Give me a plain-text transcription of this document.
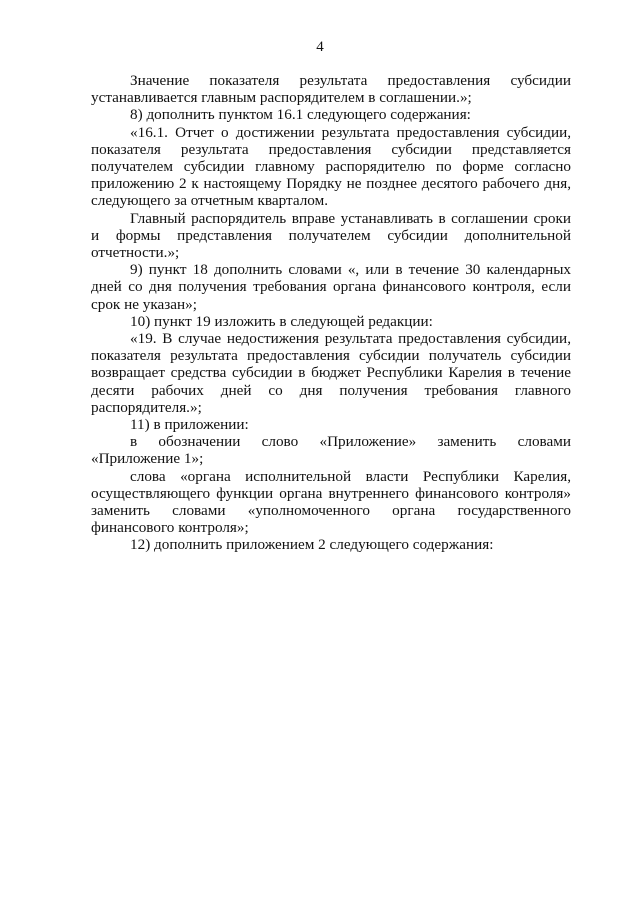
4

Значение показателя результата предоставления субсидии устанавливается главным распорядителем в соглашении.»;

8) дополнить пунктом 16.1 следующего содержания:

«16.1. Отчет о достижении результата предоставления субсидии, показателя результата предоставления субсидии представляется получателем субсидии главному распорядителю по форме согласно приложению 2 к настоящему Порядку не позднее десятого рабочего дня, следующего за отчетным кварталом.

Главный распорядитель вправе устанавливать в соглашении сроки и формы представления получателем субсидии дополнительной отчетности.»;

9) пункт 18 дополнить словами «, или в течение 30 календарных дней со дня получения требования органа финансового контроля, если срок не указан»;

10) пункт 19 изложить в следующей редакции:

«19. В случае недостижения результата предоставления субсидии, показателя результата предоставления субсидии получатель субсидии возвращает средства субсидии в бюджет Республики Карелия в течение десяти рабочих дней со дня получения требования главного распорядителя.»;

11) в приложении:

в обозначении слово «Приложение» заменить словами «Приложение 1»;

слова «органа исполнительной власти Республики Карелия, осуществляющего функции органа внутреннего финансового контроля» заменить словами «уполномоченного органа государственного финансового контроля»;

12) дополнить приложением 2 следующего содержания:
